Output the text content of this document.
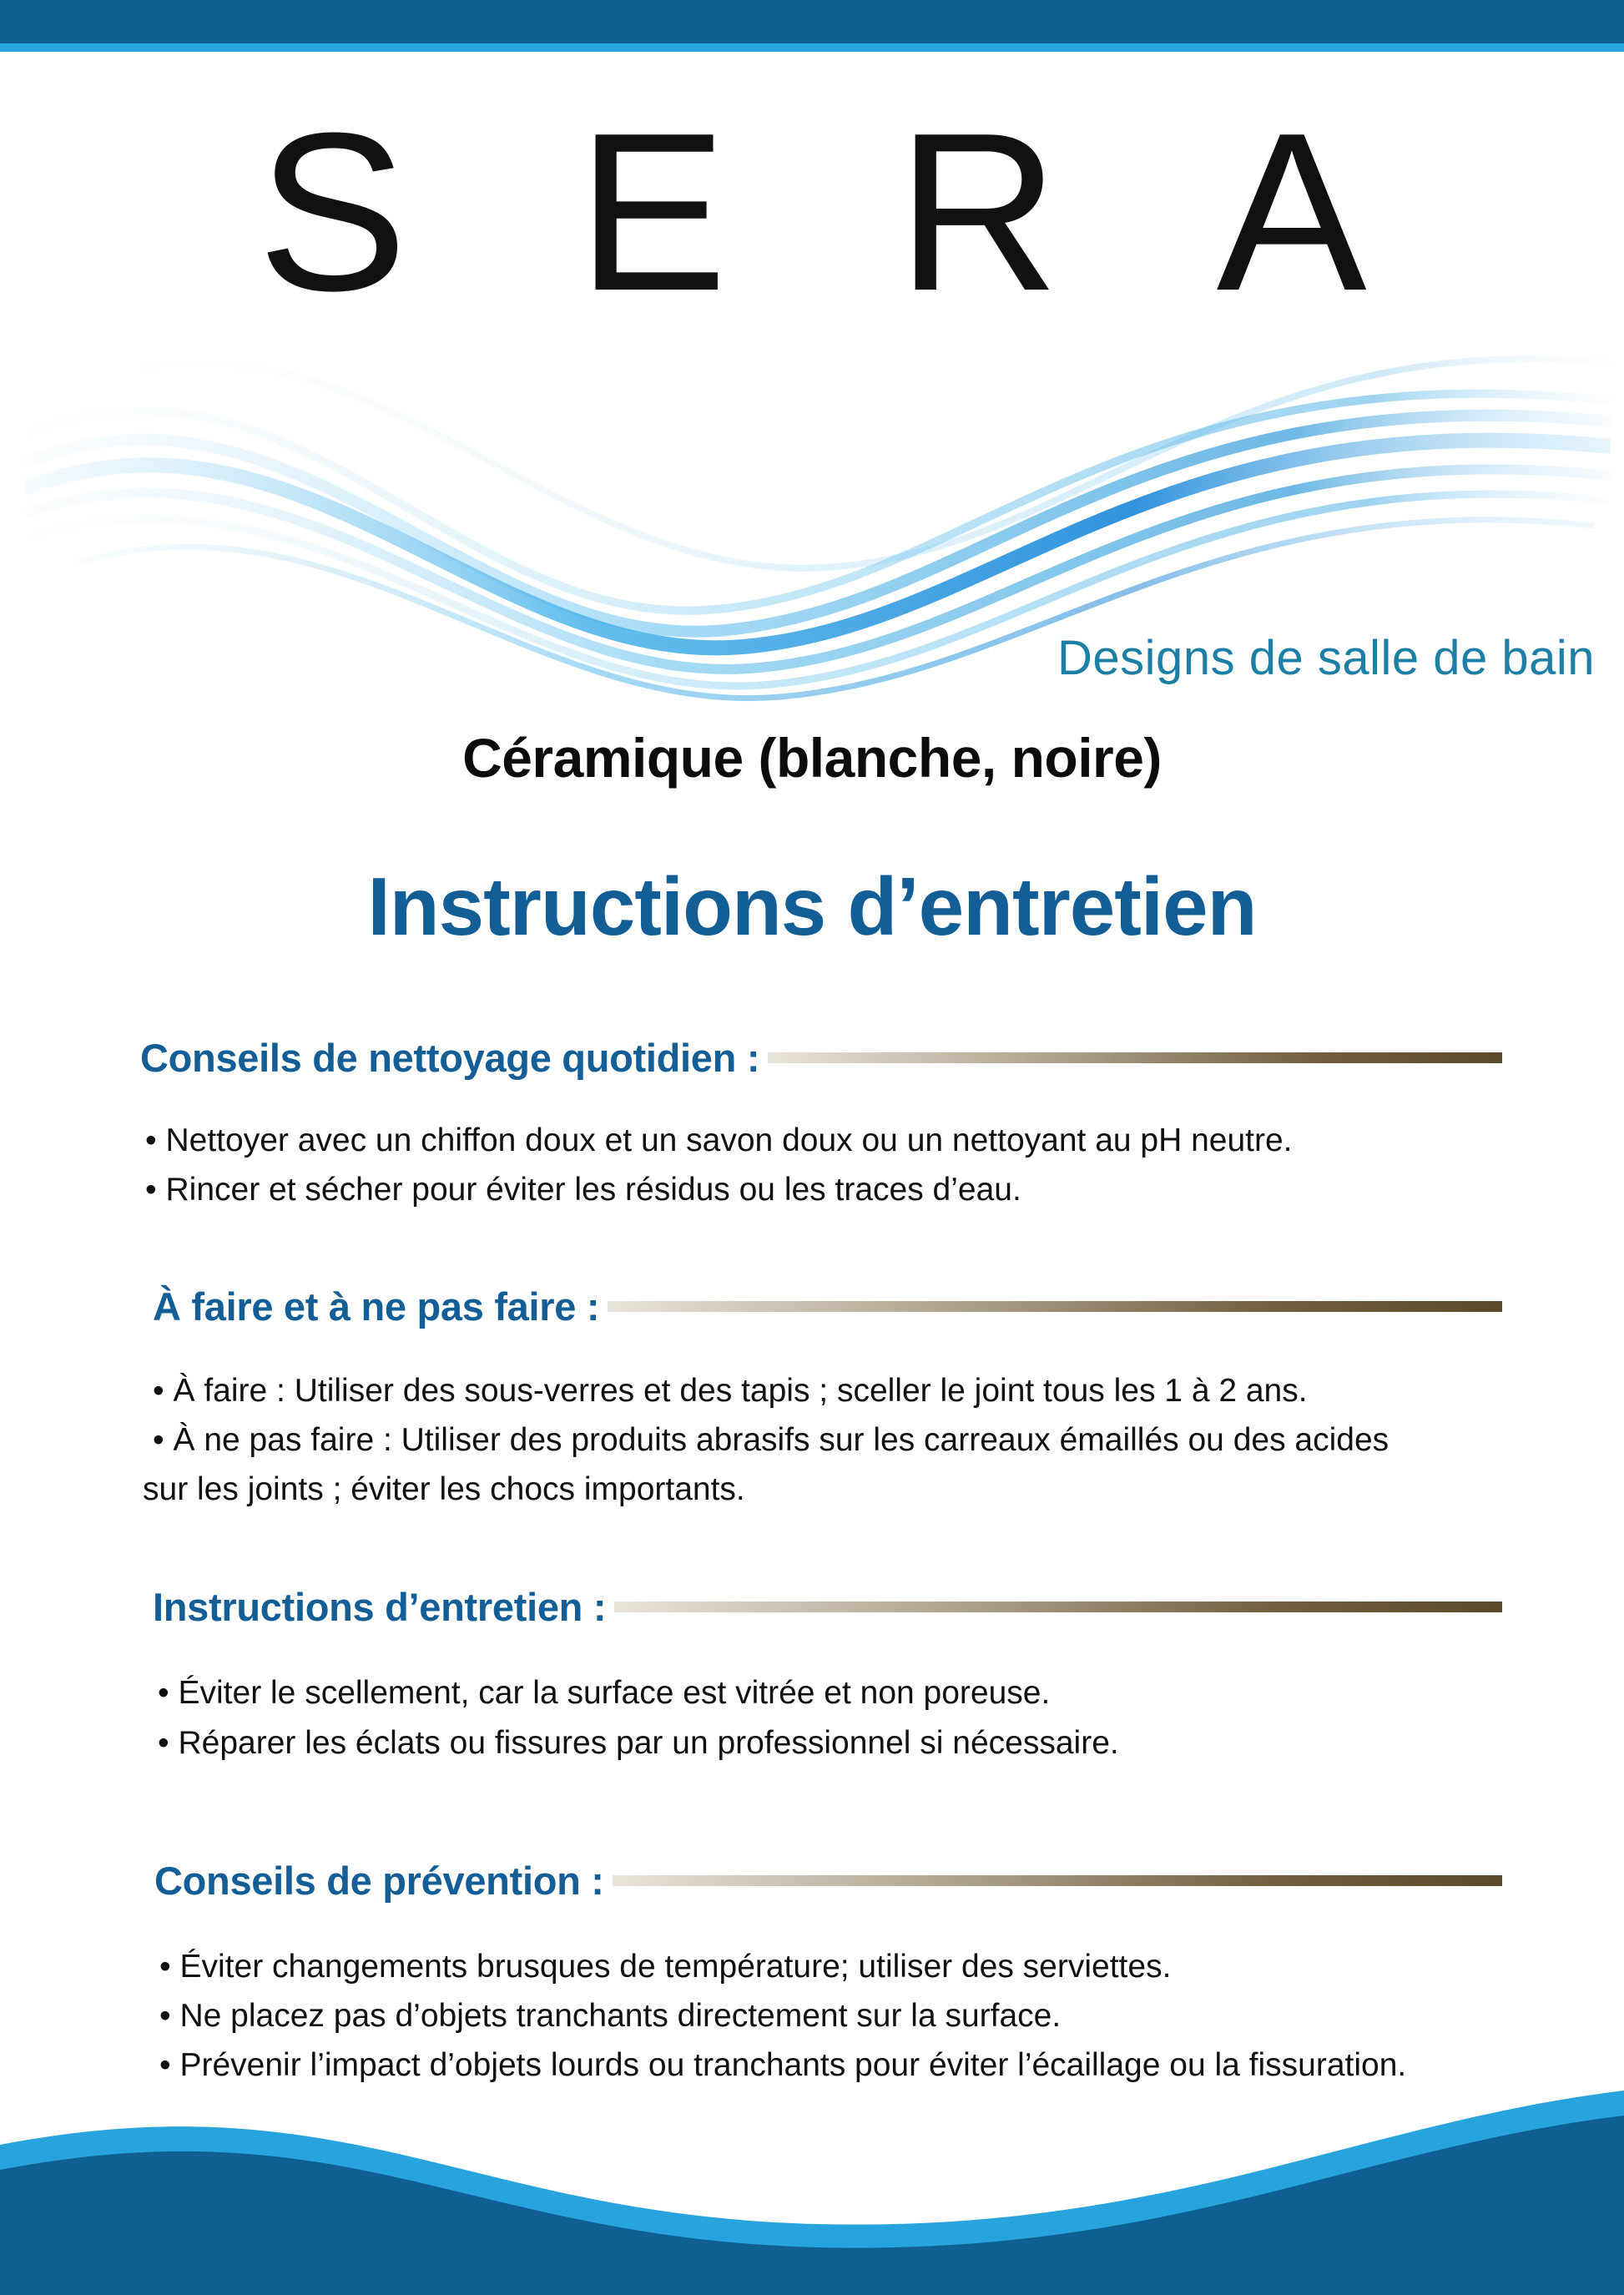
S E R A
Designs de salle de bain
Céramique (blanche, noire)
Instructions d’entretien
Conseils de nettoyage quotidien :

• Nettoyer avec un chiffon doux et un savon doux ou un nettoyant au pH neutre.

• Rincer et sécher pour éviter les résidus ou les traces d’eau.

À faire et à ne pas faire :

• À faire : Utiliser des sous-verres et des tapis ; sceller le joint tous les 1 à 2 ans.

• À ne pas faire : Utiliser des produits abrasifs sur les carreaux émaillés ou des acides

sur les joints ; éviter les chocs importants.

Instructions d’entretien :

• Éviter le scellement, car la surface est vitrée et non poreuse.

• Réparer les éclats ou fissures par un professionnel si nécessaire.

Conseils de prévention :

• Éviter changements brusques de température; utiliser des serviettes.

• Ne placez pas d’objets tranchants directement sur la surface.

• Prévenir l’impact d’objets lourds ou tranchants pour éviter l’écaillage ou la fissuration.
